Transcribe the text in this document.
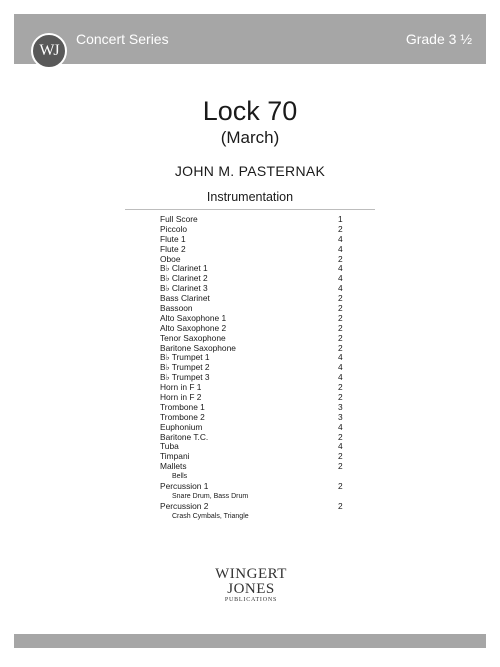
WJ
Concert Series	Grade 3 ½
Lock 70
(March)
JOHN M. PASTERNAK
Instrumentation
Full Score	1
Piccolo	2
Flute 1	4
Flute 2	4
Oboe	2
B♭ Clarinet 1	4
B♭ Clarinet 2	4
B♭ Clarinet 3	4
Bass Clarinet	2
Bassoon	2
Alto Saxophone 1	2
Alto Saxophone 2	2
Tenor Saxophone	2
Baritone Saxophone	2
B♭ Trumpet 1	4
B♭ Trumpet 2	4
B♭ Trumpet 3	4
Horn in F 1	2
Horn in F 2	2
Trombone 1	3
Trombone 2	3
Euphonium	4
Baritone T.C.	2
Tuba	4
Timpani	2
Mallets	2
Bells
Percussion 1	2
Snare Drum, Bass Drum
Percussion 2	2
Crash Cymbals, Triangle
WINGERT
JONES
PUBLICATIONS
